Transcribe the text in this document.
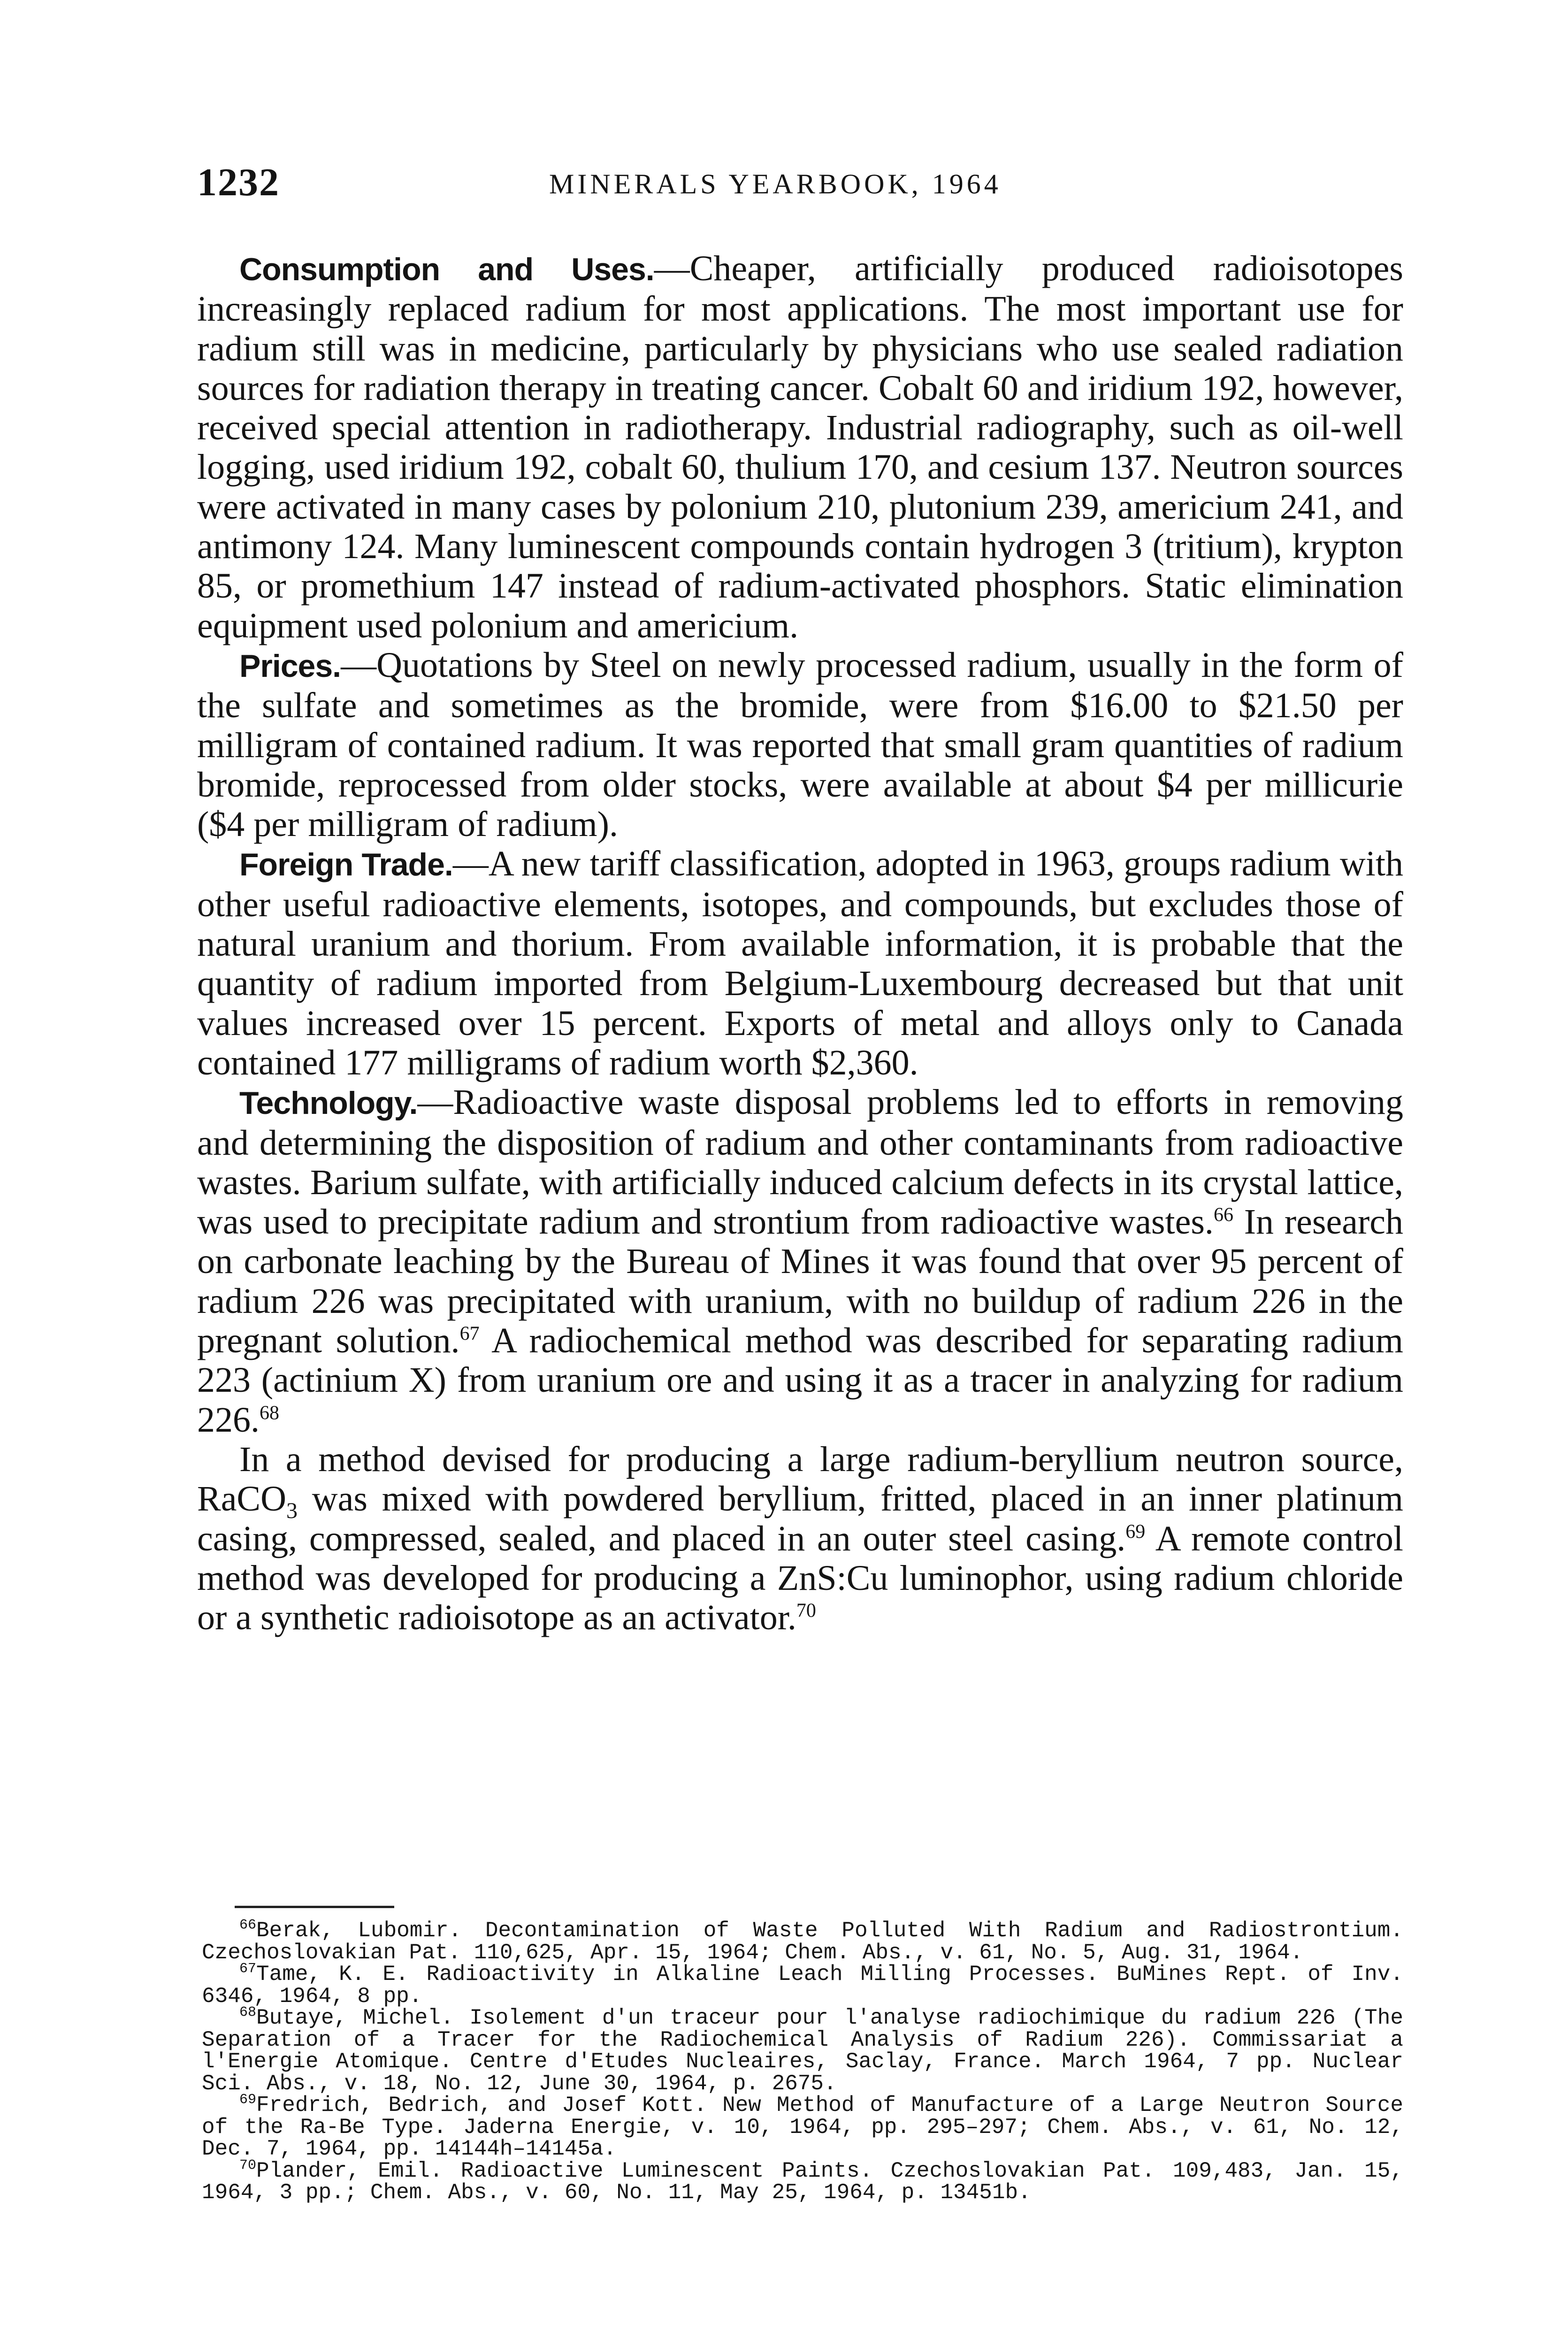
1232	MINERALS YEARBOOK, 1964

Consumption and Uses.—Cheaper, artificially produced radioisotopes increasingly replaced radium for most applications. The most important use for radium still was in medicine, particularly by physicians who use sealed radiation sources for radiation therapy in treating cancer. Cobalt 60 and iridium 192, however, received special attention in radiotherapy. Industrial radiography, such as oil-well logging, used iridium 192, cobalt 60, thulium 170, and cesium 137. Neutron sources were activated in many cases by polonium 210, plutonium 239, americium 241, and antimony 124. Many luminescent compounds contain hydrogen 3 (tritium), krypton 85, or promethium 147 instead of radium-activated phosphors. Static elimination equipment used polonium and americium.

Prices.—Quotations by Steel on newly processed radium, usually in the form of the sulfate and sometimes as the bromide, were from $16.00 to $21.50 per milligram of contained radium. It was reported that small gram quantities of radium bromide, reprocessed from older stocks, were available at about $4 per millicurie ($4 per milligram of radium).

Foreign Trade.—A new tariff classification, adopted in 1963, groups radium with other useful radioactive elements, isotopes, and compounds, but excludes those of natural uranium and thorium. From available information, it is probable that the quantity of radium imported from Belgium-Luxembourg decreased but that unit values increased over 15 percent. Exports of metal and alloys only to Canada contained 177 milligrams of radium worth $2,360.

Technology.—Radioactive waste disposal problems led to efforts in removing and determining the disposition of radium and other contaminants from radioactive wastes. Barium sulfate, with artificially induced calcium defects in its crystal lattice, was used to precipitate radium and strontium from radioactive wastes.$^{66}$ In research on carbonate leaching by the Bureau of Mines it was found that over 95 percent of radium 226 was precipitated with uranium, with no buildup of radium 226 in the pregnant solution.$^{67}$ A radiochemical method was described for separating radium 223 (actinium X) from uranium ore and using it as a tracer in analyzing for radium 226.68

In a method devised for producing a large radium-beryllium neutron source, RaCO$_3$ was mixed with powdered beryllium, fritted, placed in an inner platinum casing, compressed, sealed, and placed in an outer steel casing.$^{69}$ A remote control method was developed for producing a ZnS:Cu luminophor, using radium chloride or a synthetic radioisotope as an activator.$^{70}$

$^{66}$Berak, Lubomir. Decontamination of Waste Polluted With Radium and Radiostrontium. Czechoslovakian Pat. 110,625, Apr. 15, 1964; Chem. Abs., v. 61, No. 5, Aug. 31, 1964.

$^{67}$Tame, K. E. Radioactivity in Alkaline Leach Milling Processes. BuMines Rept. of Inv. 6346, 1964, 8 pp.

$^{68}$Butaye, Michel. Isolement d'un traceur pour l'analyse radiochimique du radium 226 (The Separation of a Tracer for the Radiochemical Analysis of Radium 226). Commissariat a l'Energie Atomique. Centre d'Etudes Nucleaires, Saclay, France. March 1964, 7 pp. Nuclear Sci. Abs., v. 18, No. 12, June 30, 1964, p. 2675.

$^{69}$Fredrich, Bedrich, and Josef Kott. New Method of Manufacture of a Large Neutron Source of the Ra-Be Type. Jaderna Energie, v. 10, 1964, pp. 295–297; Chem. Abs., v. 61, No. 12, Dec. 7, 1964, pp. 14144h–14145a.

$^{70}$Plander, Emil. Radioactive Luminescent Paints. Czechoslovakian Pat. 109,483, Jan. 15, 1964, 3 pp.; Chem. Abs., v. 60, No. 11, May 25, 1964, p. 13451b.
